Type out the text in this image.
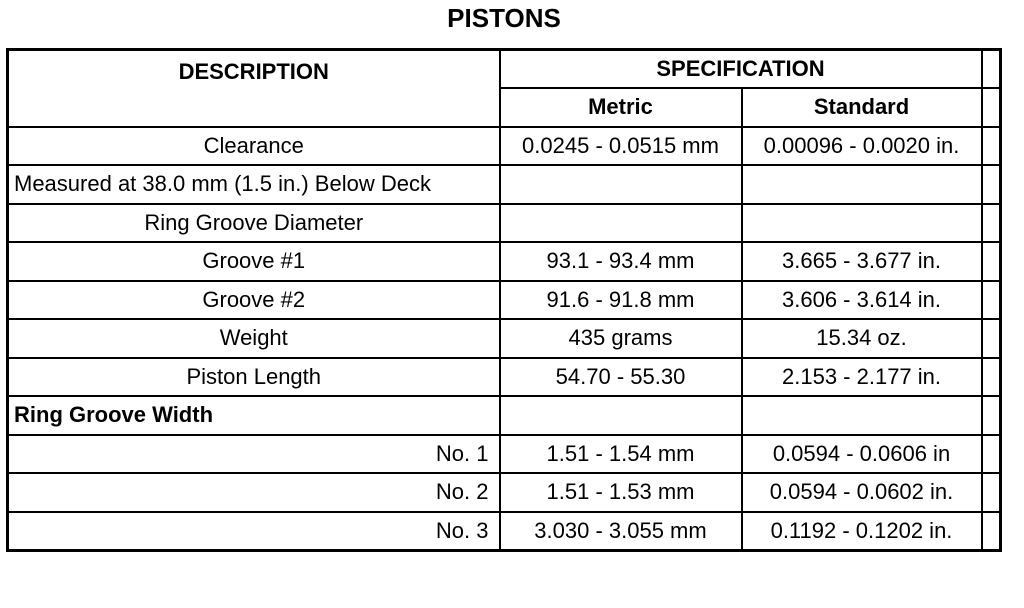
PISTONS
DESCRIPTION	SPECIFICATION		
	Metric	Standard	
Clearance	0.0245 - 0.0515 mm	0.00096 - 0.0020 in.	
Measured at 38.0 mm (1.5 in.) Below Deck			
Ring Groove Diameter			
Groove #1	93.1 - 93.4 mm	3.665 - 3.677 in.	
Groove #2	91.6 - 91.8 mm	3.606 - 3.614 in.	
Weight	435 grams	15.34 oz.	
Piston Length	54.70 - 55.30	2.153 - 2.177 in.	
Ring Groove Width			
No. 1	1.51 - 1.54 mm	0.0594 - 0.0606 in	
No. 2	1.51 - 1.53 mm	0.0594 - 0.0602 in.	
No. 3	3.030 - 3.055 mm	0.1192 - 0.1202 in.	
